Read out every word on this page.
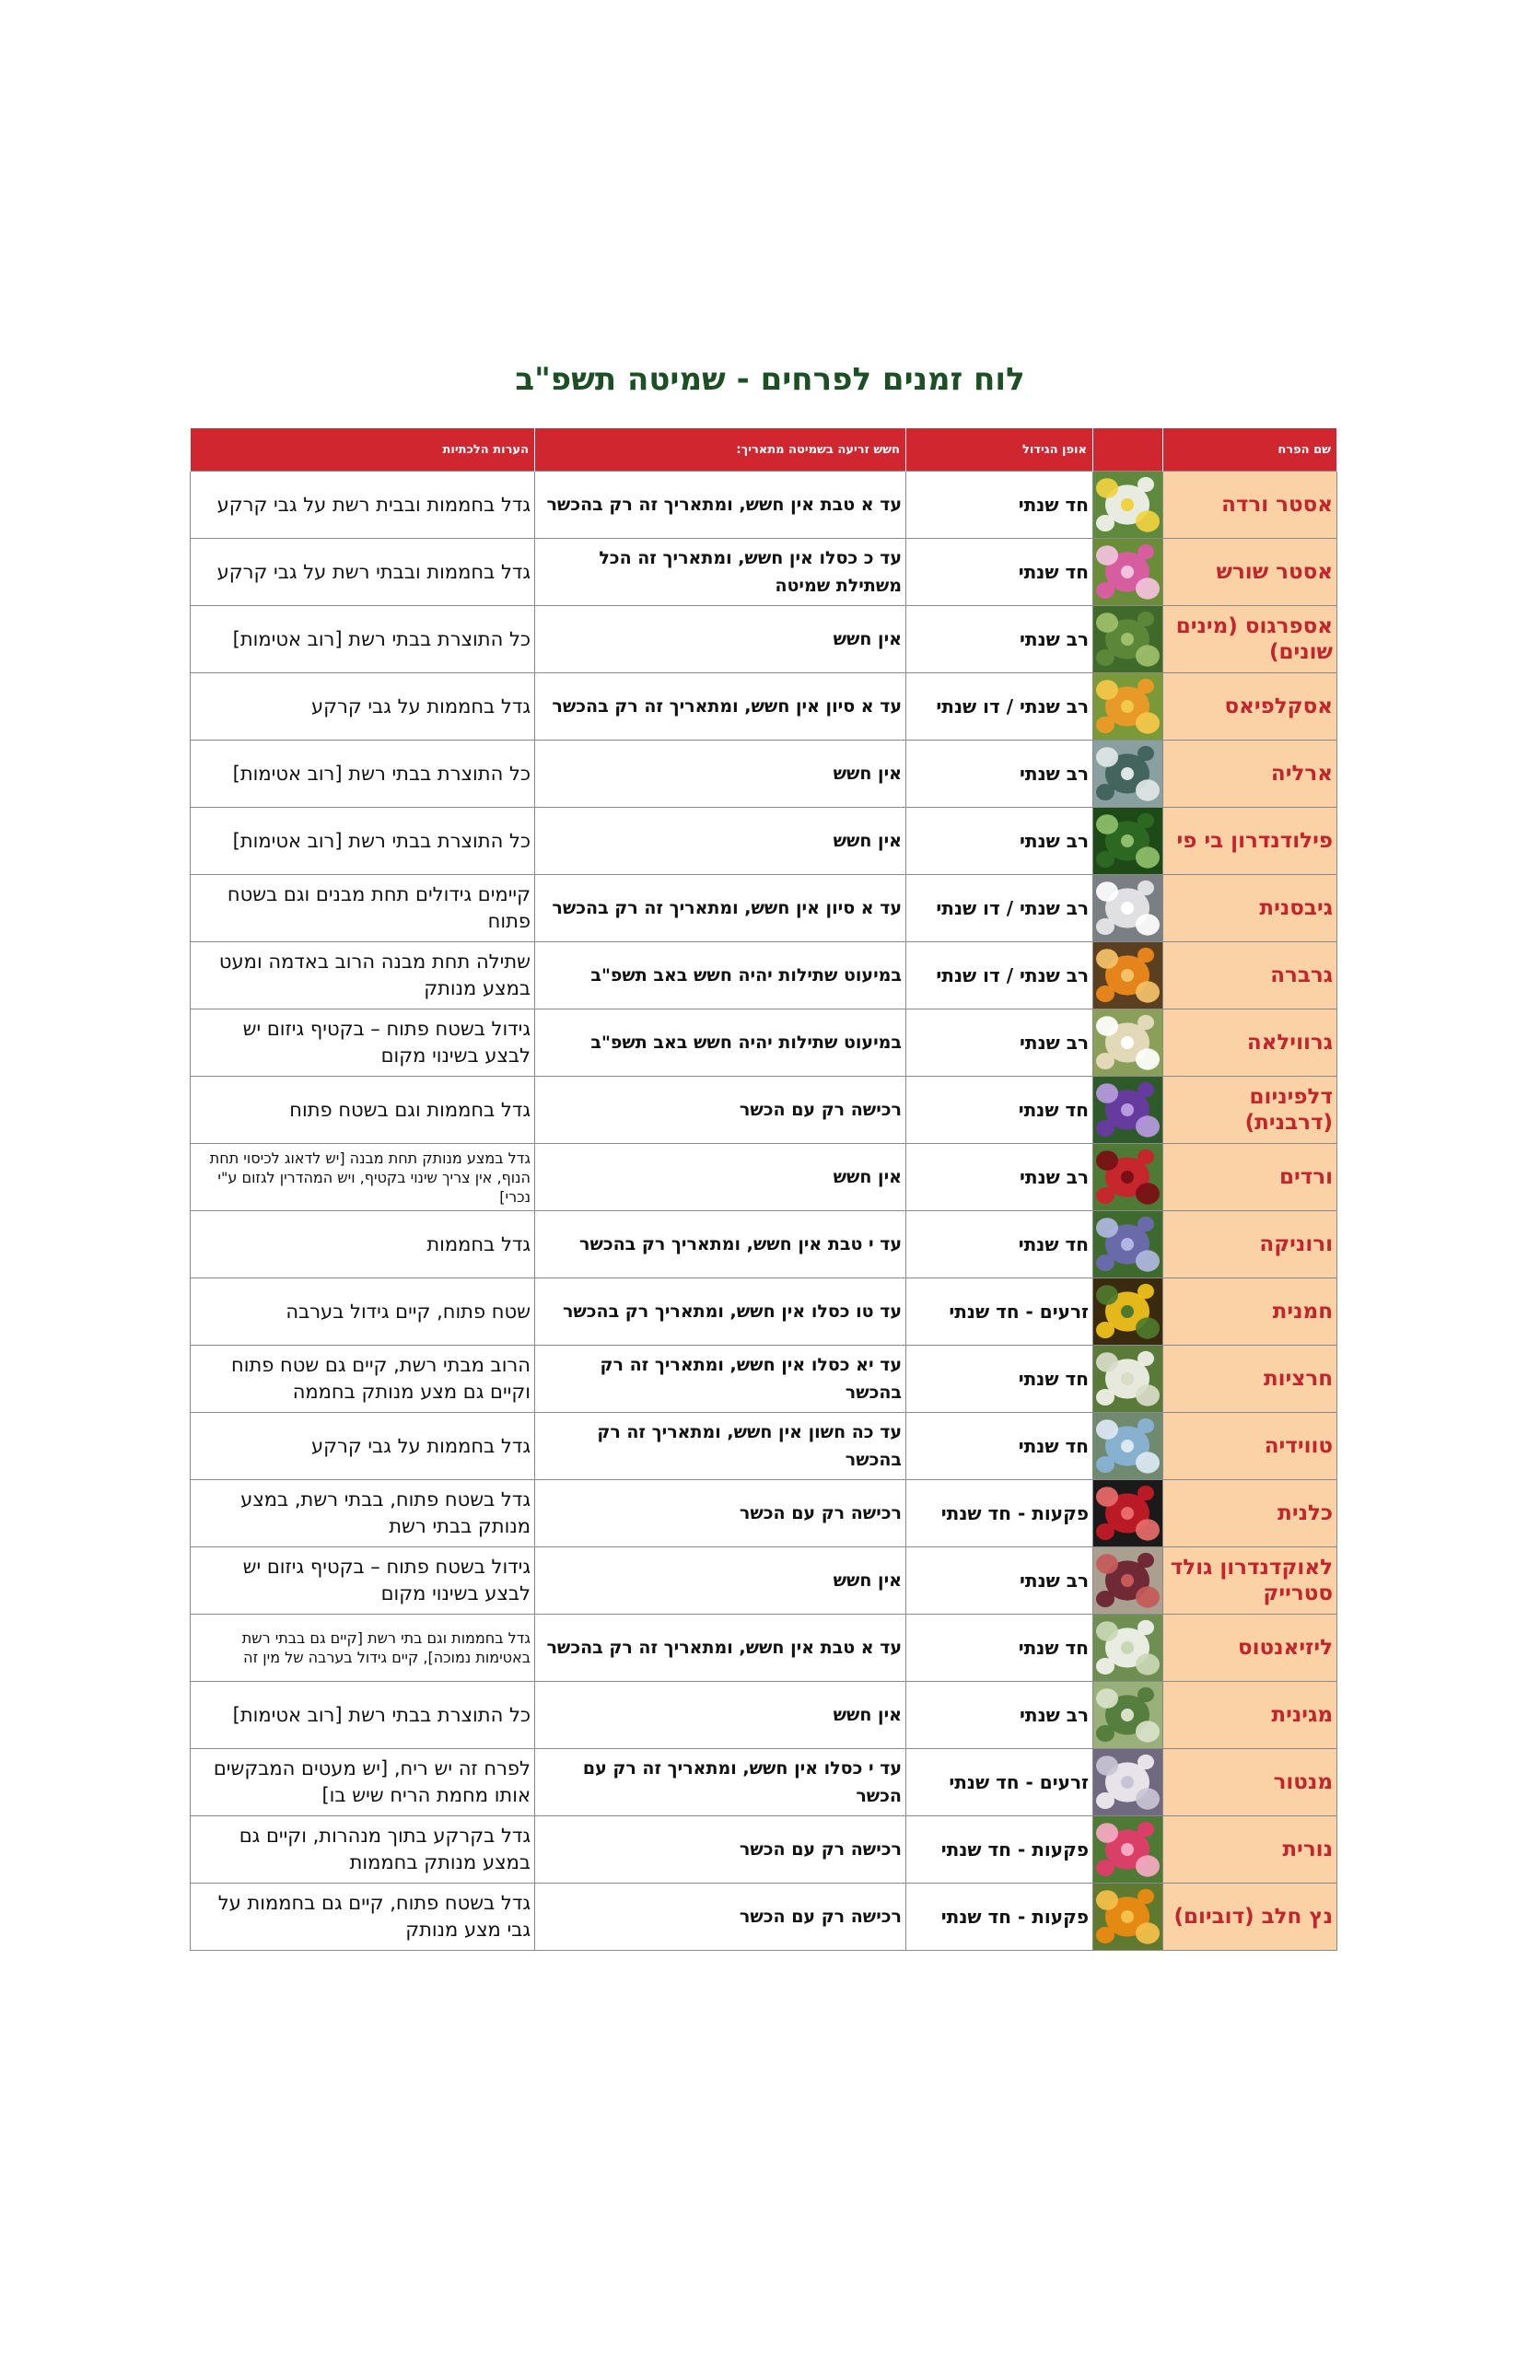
לוח זמנים לפרחים - שמיטה תשפ"ב
שם הפרח		אופן הגידול	חשש זריעה בשמיטה מתאריך:	הערות הלכתיות
אסטר ורדה		חד שנתי	עד א טבת אין חשש, ומתאריך זה רק בהכשר	גדל בחממות ובבית רשת על גבי קרקע
אסטר שורש		חד שנתי	עד כ כסלו אין חשש, ומתאריך זה הכל משתילת שמיטה	גדל בחממות ובבתי רשת על גבי קרקע
אספרגוס (מינים שונים)		רב שנתי	אין חשש	כל התוצרת בבתי רשת [רוב אטימות]
אסקלפיאס		רב שנתי / דו שנתי	עד א סיון אין חשש, ומתאריך זה רק בהכשר	גדל בחממות על גבי קרקע
ארליה		רב שנתי	אין חשש	כל התוצרת בבתי רשת [רוב אטימות]
פילודנדרון בי פי		רב שנתי	אין חשש	כל התוצרת בבתי רשת [רוב אטימות]
גיבסנית		רב שנתי / דו שנתי	עד א סיון אין חשש, ומתאריך זה רק בהכשר	קיימים גידולים תחת מבנים וגם בשטח פתוח
גרברה		רב שנתי / דו שנתי	במיעוט שתילות יהיה חשש באב תשפ"ב	שתילה תחת מבנה הרוב באדמה ומעט במצע מנותק
גרווילאה		רב שנתי	במיעוט שתילות יהיה חשש באב תשפ"ב	גידול בשטח פתוח – בקטיף גיזום יש לבצע בשינוי מקום
דלפיניום (דרבנית)		חד שנתי	רכישה רק עם הכשר	גדל בחממות וגם בשטח פתוח
ורדים		רב שנתי	אין חשש	גדל במצע מנותק תחת מבנה [יש לדאוג לכיסוי תחת הנוף, אין צריך שינוי בקטיף, ויש המהדרין לגזום ע"י נכרי]
ורוניקה		חד שנתי	עד י טבת אין חשש, ומתאריך רק בהכשר	גדל בחממות
חמנית		זרעים - חד שנתי	עד טו כסלו אין חשש, ומתאריך רק בהכשר	שטח פתוח, קיים גידול בערבה
חרציות		חד שנתי	עד יא כסלו אין חשש, ומתאריך זה רק בהכשר	הרוב מבתי רשת, קיים גם שטח פתוח וקיים גם מצע מנותק בחממה
טווידיה		חד שנתי	עד כה חשון אין חשש, ומתאריך זה רק בהכשר	גדל בחממות על גבי קרקע
כלנית		פקעות - חד שנתי	רכישה רק עם הכשר	גדל בשטח פתוח, בבתי רשת, במצע מנותק בבתי רשת
לאוקדנדרון גולד סטרייק		רב שנתי	אין חשש	גידול בשטח פתוח – בקטיף גיזום יש לבצע בשינוי מקום
ליזיאנטוס		חד שנתי	עד א טבת אין חשש, ומתאריך זה רק בהכשר	גדל בחממות וגם בתי רשת [קיים גם בבתי רשת באטימות נמוכה], קיים גידול בערבה של מין זה
מגינית		רב שנתי	אין חשש	כל התוצרת בבתי רשת [רוב אטימות]
מנטור		זרעים - חד שנתי	עד י כסלו אין חשש, ומתאריך זה רק עם הכשר	לפרח זה יש ריח, [יש מעטים המבקשים אותו מחמת הריח שיש בו]
נורית		פקעות - חד שנתי	רכישה רק עם הכשר	גדל בקרקע בתוך מנהרות, וקיים גם במצע מנותק בחממות
נץ חלב (דוביום)		פקעות - חד שנתי	רכישה רק עם הכשר	גדל בשטח פתוח, קיים גם בחממות על גבי מצע מנותק
